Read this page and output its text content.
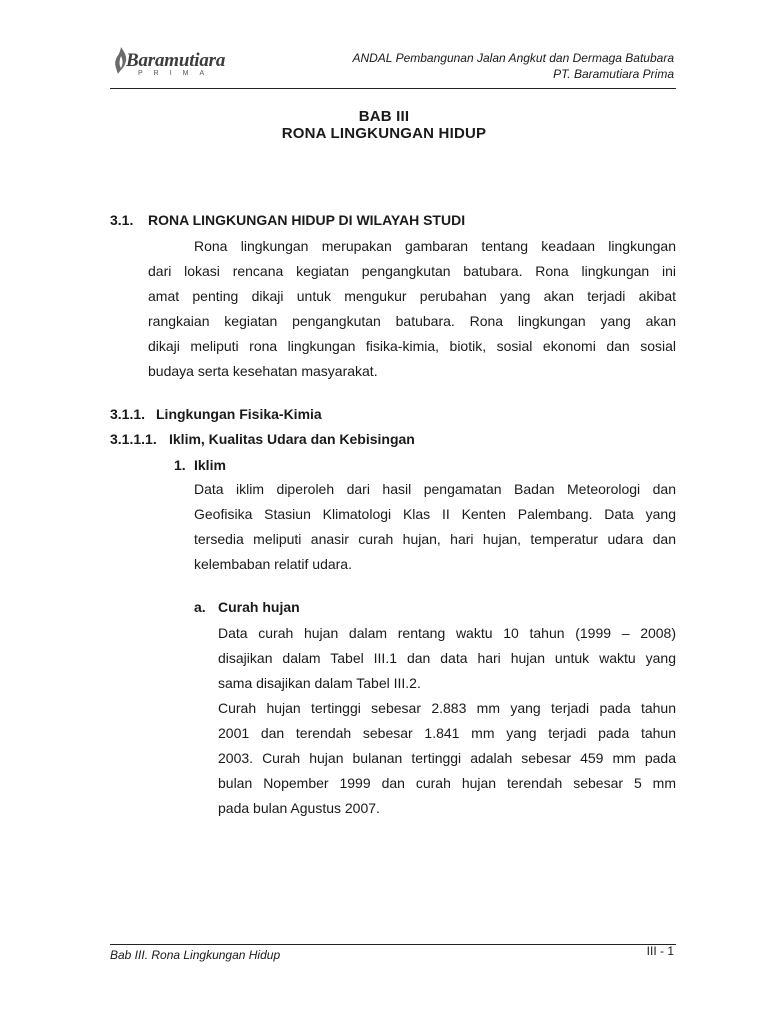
Baramutiara
PRIMA
ANDAL Pembangunan Jalan Angkut dan Dermaga Batubara
PT. Baramutiara Prima
BAB III
RONA LINGKUNGAN HIDUP
3.1. RONA LINGKUNGAN HIDUP DI WILAYAH STUDI
Rona lingkungan merupakan gambaran tentang keadaan lingkungan
dari lokasi rencana kegiatan pengangkutan batubara. Rona lingkungan ini
amat penting dikaji untuk mengukur perubahan yang akan terjadi akibat
rangkaian kegiatan pengangkutan batubara. Rona lingkungan yang akan
dikaji meliputi rona lingkungan fisika-kimia, biotik, sosial ekonomi dan sosial
budaya serta kesehatan masyarakat.
3.1.1. Lingkungan Fisika-Kimia
3.1.1.1. Iklim, Kualitas Udara dan Kebisingan
1. Iklim
Data iklim diperoleh dari hasil pengamatan Badan Meteorologi dan
Geofisika Stasiun Klimatologi Klas II Kenten Palembang. Data yang
tersedia meliputi anasir curah hujan, hari hujan, temperatur udara dan
kelembaban relatif udara.
a. Curah hujan
Data curah hujan dalam rentang waktu 10 tahun (1999 – 2008)
disajikan dalam Tabel III.1 dan data hari hujan untuk waktu yang
sama disajikan dalam Tabel III.2.
Curah hujan tertinggi sebesar 2.883 mm yang terjadi pada tahun
2001 dan terendah sebesar 1.841 mm yang terjadi pada tahun
2003. Curah hujan bulanan tertinggi adalah sebesar 459 mm pada
bulan Nopember 1999 dan curah hujan terendah sebesar 5 mm
pada bulan Agustus 2007.
Bab III. Rona Lingkungan Hidup	III - 1
